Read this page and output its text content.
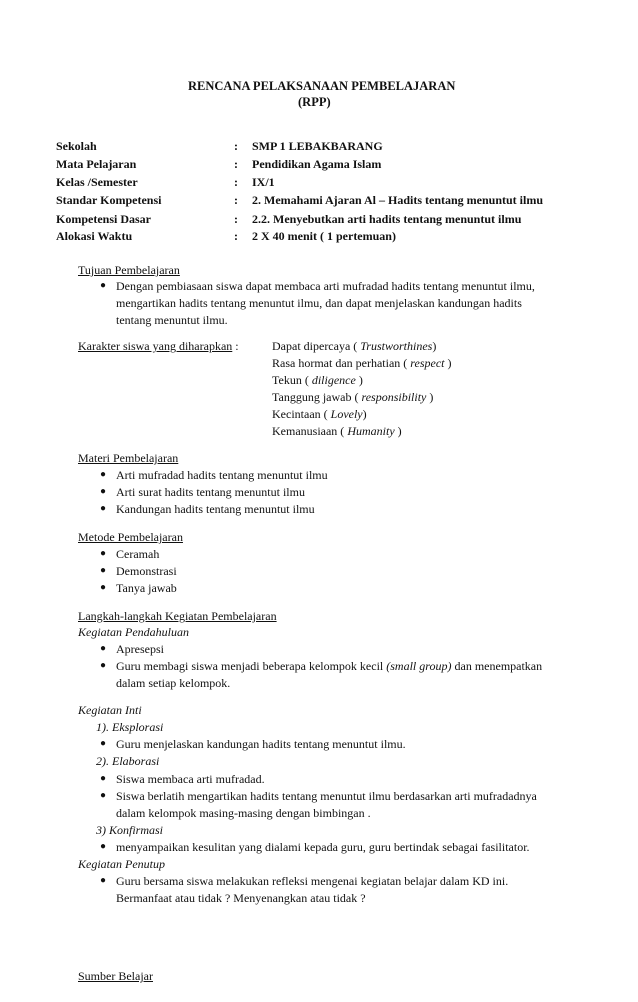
RENCANA PELAKSANAAN PEMBELAJARAN
(RPP)
Sekolah	: SMP 1 LEBAKBARANG
Mata Pelajaran	: Pendidikan Agama Islam
Kelas /Semester	: IX/1
Standar Kompetensi	: 2. Memahami Ajaran Al – Hadits tentang menuntut ilmu
Kompetensi Dasar	: 2.2. Menyebutkan arti hadits tentang menuntut ilmu
Alokasi Waktu	: 2 X 40 menit ( 1 pertemuan)
Tujuan Pembelajaran
● Dengan pembiasaan siswa dapat membaca arti mufradad hadits tentang menuntut ilmu, mengartikan hadits tentang menuntut ilmu, dan dapat menjelaskan kandungan hadits tentang menuntut ilmu.
Karakter siswa yang diharapkan :	Dapat dipercaya ( Trustworthines)
Rasa hormat dan perhatian ( respect )
Tekun ( diligence )
Tanggung jawab ( responsibility )
Kecintaan ( Lovely)
Kemanusiaan ( Humanity )
Materi Pembelajaran
● Arti mufradad hadits tentang menuntut ilmu
● Arti surat hadits tentang menuntut ilmu
● Kandungan hadits tentang menuntut ilmu
Metode Pembelajaran
● Ceramah
● Demonstrasi
● Tanya jawab
Langkah-langkah Kegiatan Pembelajaran
Kegiatan Pendahuluan
● Apresepsi
● Guru membagi siswa menjadi beberapa kelompok kecil (small group) dan menempatkan
dalam setiap kelompok.
Kegiatan Inti
1). Eksplorasi
● Guru menjelaskan kandungan hadits tentang menuntut ilmu.
2). Elaborasi
● Siswa membaca arti mufradad.
● Siswa berlatih mengartikan hadits tentang menuntut ilmu berdasarkan arti mufradadnya
dalam kelompok masing-masing dengan bimbingan .
3) Konfirmasi
● menyampaikan kesulitan yang dialami kepada guru, guru bertindak sebagai fasilitator.
Kegiatan Penutup
● Guru bersama siswa melakukan refleksi mengenai kegiatan belajar dalam KD ini.
Bermanfaat atau tidak ? Menyenangkan atau tidak ?
Sumber Belajar
